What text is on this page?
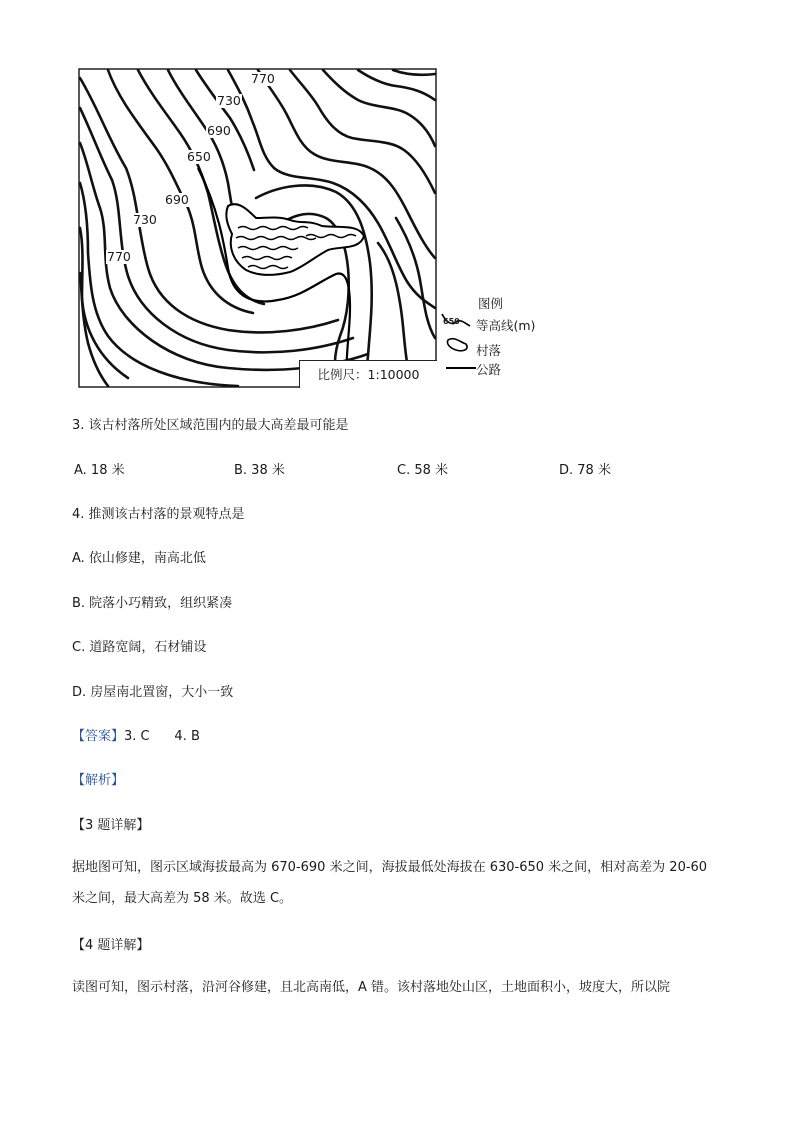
770
730
690
650
690
730
770
比例尺：1:10000
图例
650 等高线(m)
村落
公路
3. 该古村落所处区域范围内的最大高差最可能是
A. 18 米	B. 38 米	C. 58 米	D. 78 米
4. 推测该古村落的景观特点是
A. 依山修建，南高北低
B. 院落小巧精致，组织紧凑
C. 道路宽阔，石材铺设
D. 房屋南北置窗，大小一致
【答案】3. C      4. B
【解析】
【3 题详解】
据地图可知，图示区域海拔最高为 670-690 米之间，海拔最低处海拔在 630-650 米之间，相对高差为 20-60 米之间，最大高差为 58 米。故选 C。
【4 题详解】
读图可知，图示村落，沿河谷修建，且北高南低，A 错。该村落地处山区，土地面积小，坡度大，所以院
